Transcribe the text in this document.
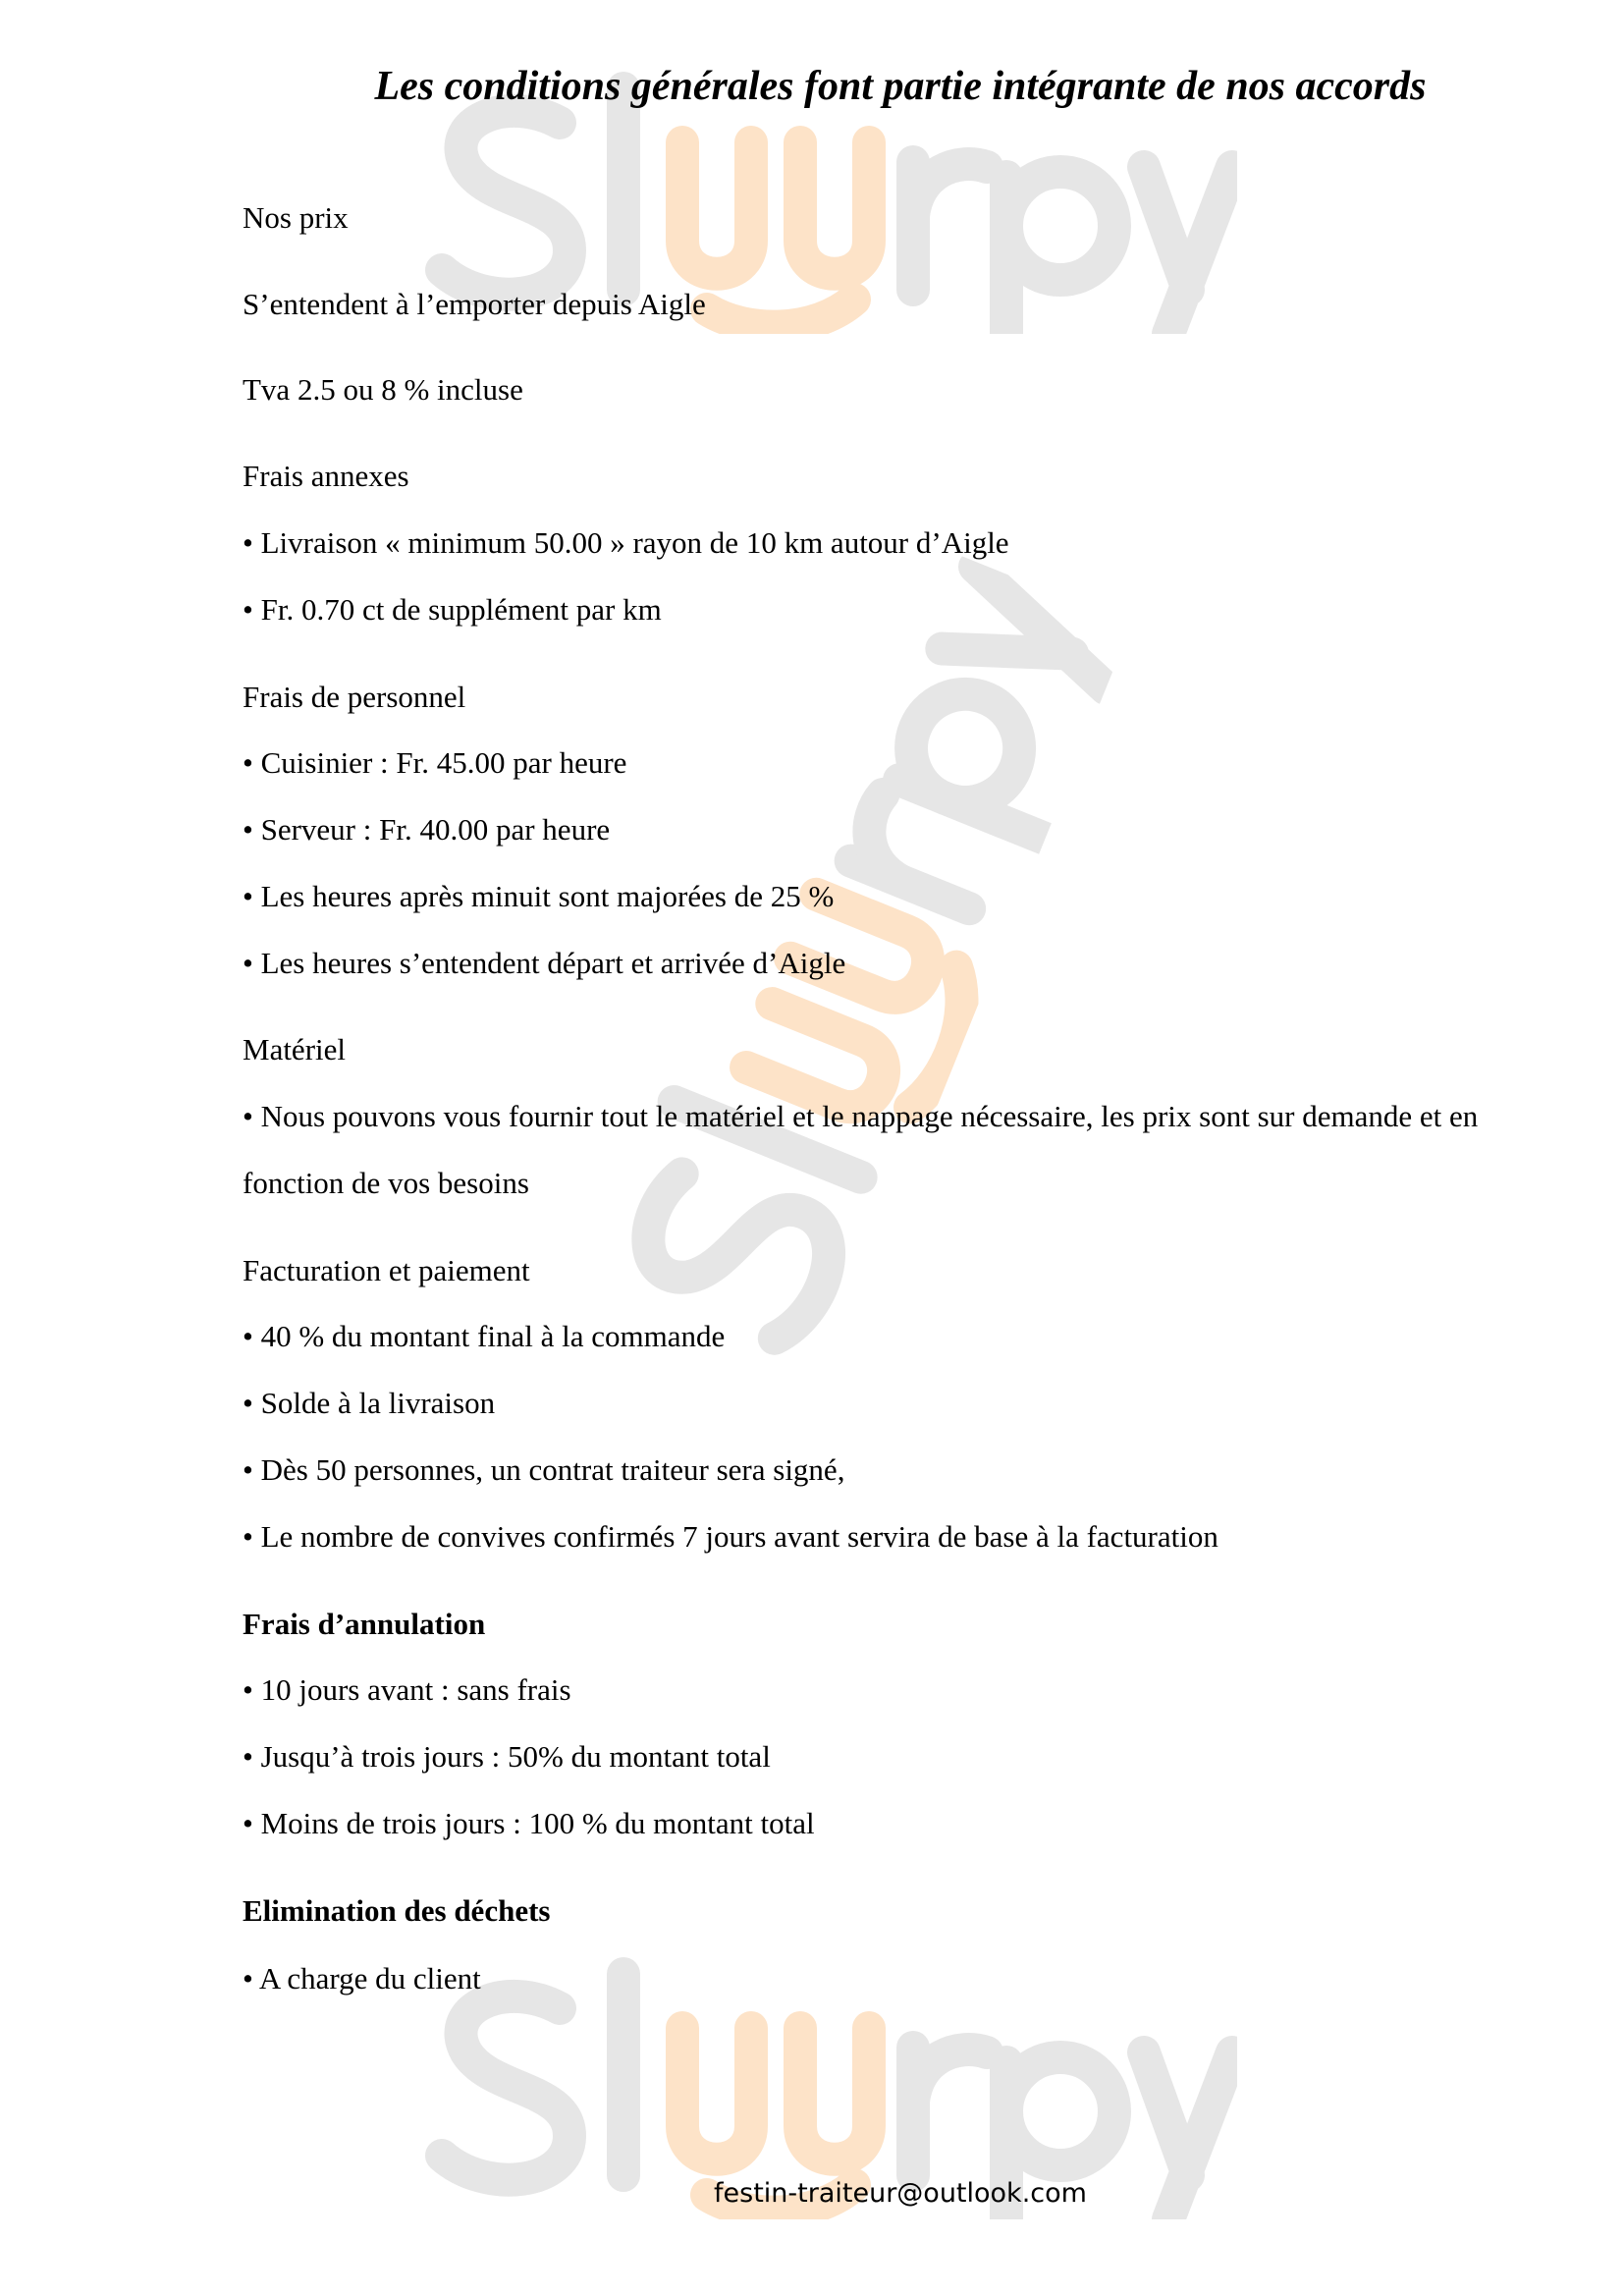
Les conditions générales font partie intégrante de nos accords

Nos prix

S’entendent à l’emporter depuis Aigle

Tva 2.5 ou 8 % incluse

Frais annexes

• Livraison « minimum 50.00 » rayon de 10 km autour d’Aigle

• Fr. 0.70 ct de supplément par km

Frais de personnel

• Cuisinier : Fr. 45.00 par heure

• Serveur : Fr. 40.00 par heure

• Les heures après minuit sont majorées de 25 %

• Les heures s’entendent départ et arrivée d’Aigle

Matériel

• Nous pouvons vous fournir tout le matériel et le nappage nécessaire, les prix sont sur demande et en fonction de vos besoins

Facturation et paiement

• 40 % du montant final à la commande

• Solde à la livraison

• Dès 50 personnes, un contrat traiteur sera signé,

• Le nombre de convives confirmés 7 jours avant servira de base à la facturation

Frais d’annulation

• 10 jours avant : sans frais

• Jusqu’à trois jours : 50% du montant total

• Moins de trois jours : 100 % du montant total

Elimination des déchets

• A charge du client

festin-traiteur@outlook.com
